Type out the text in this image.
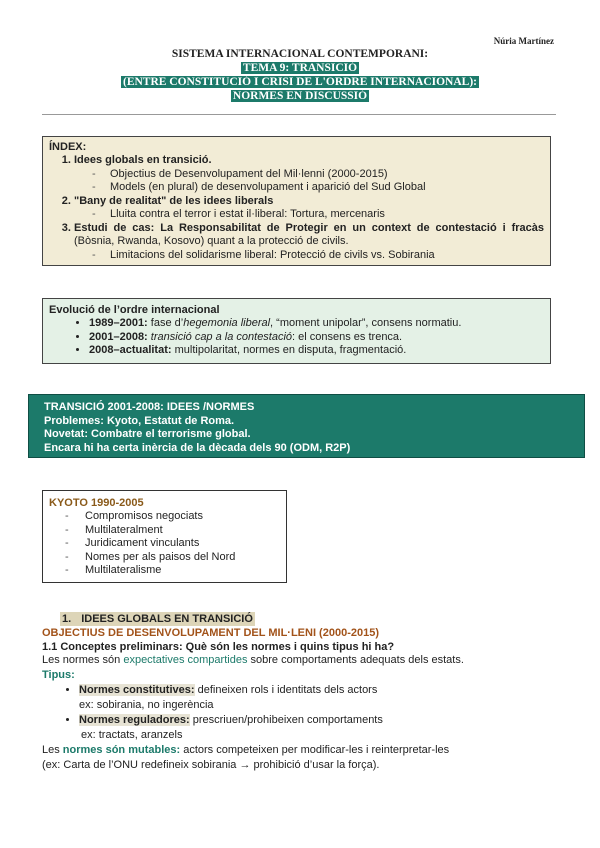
Núria Martínez
SISTEMA INTERNACIONAL CONTEMPORANI:
TEMA 9: TRANSICIÓ
(ENTRE CONSTITUCIÓ I CRISI DE L'ORDRE INTERNACIONAL):
NORMES EN DISCUSSIÓ
ÍNDEX:
1. Idees globals en transició.
- Objectius de Desenvolupament del Mil·lenni (2000-2015)
- Models (en plural) de desenvolupament i aparició del Sud Global
2. "Bany de realitat" de les idees liberals
- Lluita contra el terror i estat il·liberal: Tortura, mercenaris
3. Estudi de cas: La Responsabilitat de Protegir en un context de contestació i fracàs (Bòsnia, Rwanda, Kosovo) quant a la protecció de civils.
- Limitacions del solidarisme liberal: Protecció de civils vs. Sobirania
Evolució de l’ordre internacional
• 1989–2001: fase d’hegemonia liberal, “moment unipolar”, consens normatiu.
• 2001–2008: transició cap a la contestació: el consens es trenca.
• 2008–actualitat: multipolaritat, normes en disputa, fragmentació.
TRANSICIÓ 2001-2008: IDEES /NORMES
Problemes: Kyoto, Estatut de Roma.
Novetat: Combatre el terrorisme global.
Encara hi ha certa inèrcia de la dècada dels 90 (ODM, R2P)
KYOTO 1990-2005
- Compromisos negociats
- Multilateralment
- Juridicament vinculants
- Nomes per als paisos del Nord
- Multilateralisme
1. IDEES GLOBALS EN TRANSICIÓ
OBJECTIUS DE DESENVOLUPAMENT DEL MIL·LENI (2000-2015)
1.1 Conceptes preliminars: Què són les normes i quins tipus hi ha?
Les normes són expectatives compartides sobre comportaments adequats dels estats.
Tipus:
• Normes constitutives: defineixen rols i identitats dels actors
ex: sobirania, no ingerència
• Normes reguladores: prescriuen/prohibeixen comportaments
ex: tractats, aranzels
Les normes són mutables: actors competeixen per modificar-les i reinterpretar-les
(ex: Carta de l’ONU redefineix sobirania → prohibició d’usar la força).
